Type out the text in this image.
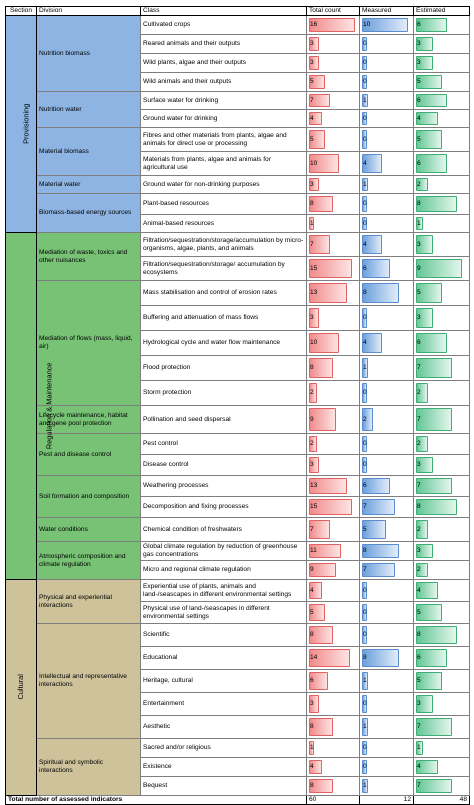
Section	Division	Class	Total count	Measured	Estimated
Provisioning	Nutrition biomass	Cultivated crops	16	10	6

		Reared animals and their outputs	3	0	3

		Wild plants, algae and their outputs	3	0	3

		Wild animals and their outputs	5	0	5

	Nutrition water	Surface water for drinking	7	1	6

		Ground water for drinking	4	0	4

	Material biomass	Fibres and other materials from plants, algae and animals for direct use or processing	5	0	5

		Materials from plants, algae and animals for agricultural use	10	4	6

	Material water	Ground water for non-drinking purposes	3	1	2

	Biomass-based energy sources	Plant-based resources	8	0	8

		Animal-based resources	1	0	1

Regulation & Maintenance	Mediation of waste, toxics and other nuisances	Filtration/sequestration/storage/accumulation by micro-organisms, algae, plants, and animals	7	4	3

		Filtration/sequestration/storage/ accumulation by ecosystems	15	6	9

	Mediation of flows (mass, liquid, air)	Mass stabilisation and control of erosion rates	13	8	5

		Buffering and attenuation of mass flows	3	0	3

		Hydrological cycle and water flow maintenance	10	4	6

		Flood protection	8	1	7

		Storm protection	2	0	2

	Lifecycle maintenance, habitat and gene pool protection	Pollination and seed dispersal	9	2	7

	Pest and disease control	Pest control	2	0	2

		Disease control	3	0	3

	Soil formation and composition	Weathering processes	13	6	7

		Decomposition and fixing processes	15	7	8

	Water conditions	Chemical condition of freshwaters	7	5	2

	Atmospheric composition and climate regulation	Global climate regulation by reduction of greenhouse gas concentrations	11	8	3

		Micro and regional climate regulation	9	7	2

Cultural	Physical and experiential interactions	Experiential use of plants, animals and land-/seascapes in different environmental settings	4	0	4

		Physical use of land-/seascapes in different environmental settings	5	0	5

	Intellectual and representative interactions	Scientific	8	0	8

		Educational	14	8	6

		Heritage, cultural	6	1	5

		Entertainment	3	0	3

		Aesthetic	8	1	7

	Spiritual and symbolic interactions	Sacred and/or religious	1	0	1

		Existence	4	0	4

		Bequest	8	1	7

Total number of assessed indicators			60	12	48
